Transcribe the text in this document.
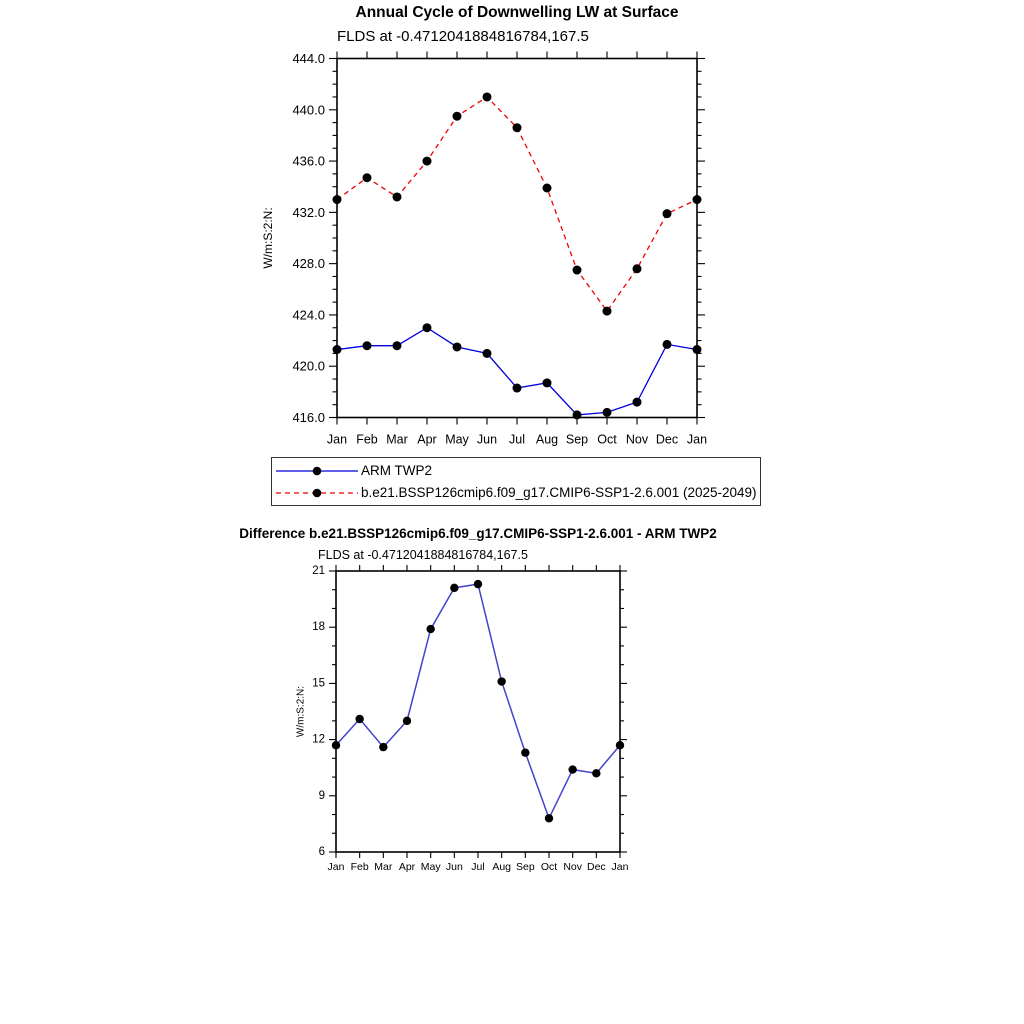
Annual Cycle of Downwelling LW at Surface
FLDS at -0.4712041884816784,167.5
416.0
420.0
424.0
428.0
432.0
436.0
440.0
444.0
Jan Feb Mar Apr May Jun Jul Aug Sep Oct Nov Dec Jan
W/m:S:2:N:
6
9
12
15
18
21
Jan Feb Mar Apr May Jun Jul Aug Sep Oct Nov Dec Jan
W/m:S:2:N:
ARM TWP2
b.e21.BSSP126cmip6.f09_g17.CMIP6-SSP1-2.6.001 (2025-2049)
Difference b.e21.BSSP126cmip6.f09_g17.CMIP6-SSP1-2.6.001 - ARM TWP2
FLDS at -0.4712041884816784,167.5
